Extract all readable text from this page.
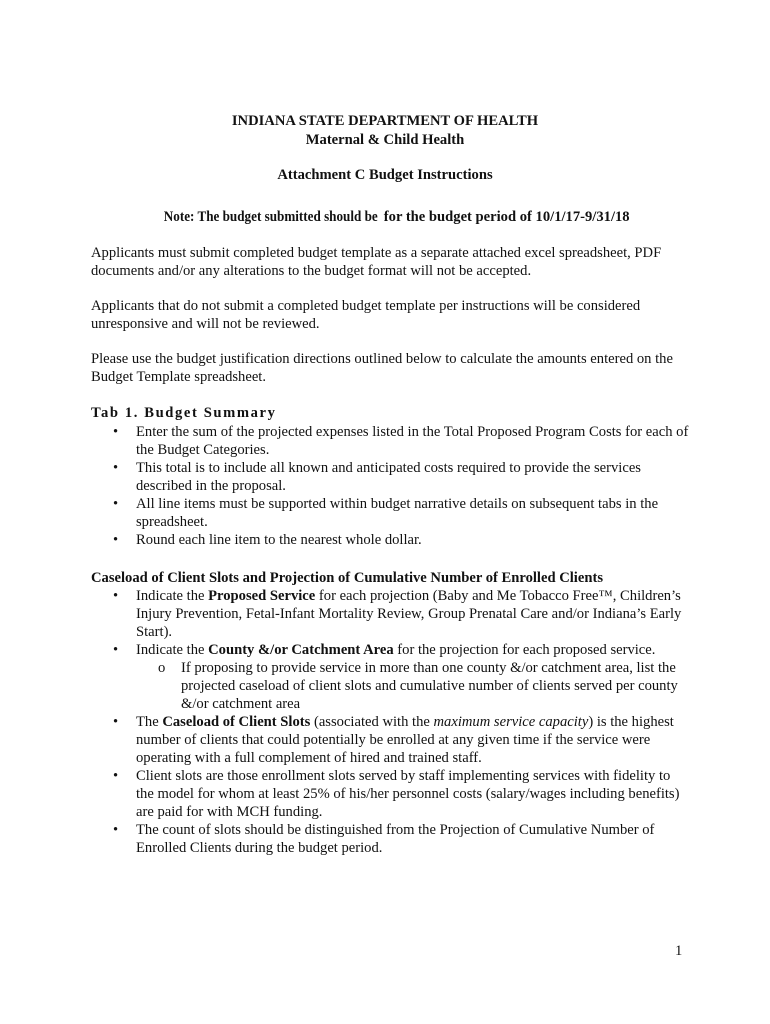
INDIANA STATE DEPARTMENT OF HEALTH
Maternal & Child Health
Attachment C Budget Instructions
Note: The budget submitted should be for the budget period of 10/1/17-9/31/18
Applicants must submit completed budget template as a separate attached excel spreadsheet, PDF documents and/or any alterations to the budget format will not be accepted.
Applicants that do not submit a completed budget template per instructions will be considered unresponsive and will not be reviewed.
Please use the budget justification directions outlined below to calculate the amounts entered on the Budget Template spreadsheet.
Tab 1. Budget Summary
•	Enter the sum of the projected expenses listed in the Total Proposed Program Costs for each of the Budget Categories.
•	This total is to include all known and anticipated costs required to provide the services described in the proposal.
•	All line items must be supported within budget narrative details on subsequent tabs in the spreadsheet.
•	Round each line item to the nearest whole dollar.
Caseload of Client Slots and Projection of Cumulative Number of Enrolled Clients
•	Indicate the Proposed Service for each projection (Baby and Me Tobacco Free™, Children’s Injury Prevention, Fetal-Infant Mortality Review, Group Prenatal Care and/or Indiana’s Early Start).
•	Indicate the County &/or Catchment Area for the projection for each proposed service.
o	If proposing to provide service in more than one county &/or catchment area, list the projected caseload of client slots and cumulative number of clients served per county &/or catchment area
•	The Caseload of Client Slots (associated with the maximum service capacity) is the highest number of clients that could potentially be enrolled at any given time if the service were operating with a full complement of hired and trained staff.
•	Client slots are those enrollment slots served by staff implementing services with fidelity to the model for whom at least 25% of his/her personnel costs (salary/wages including benefits) are paid for with MCH funding.
•	The count of slots should be distinguished from the Projection of Cumulative Number of Enrolled Clients during the budget period.
1
